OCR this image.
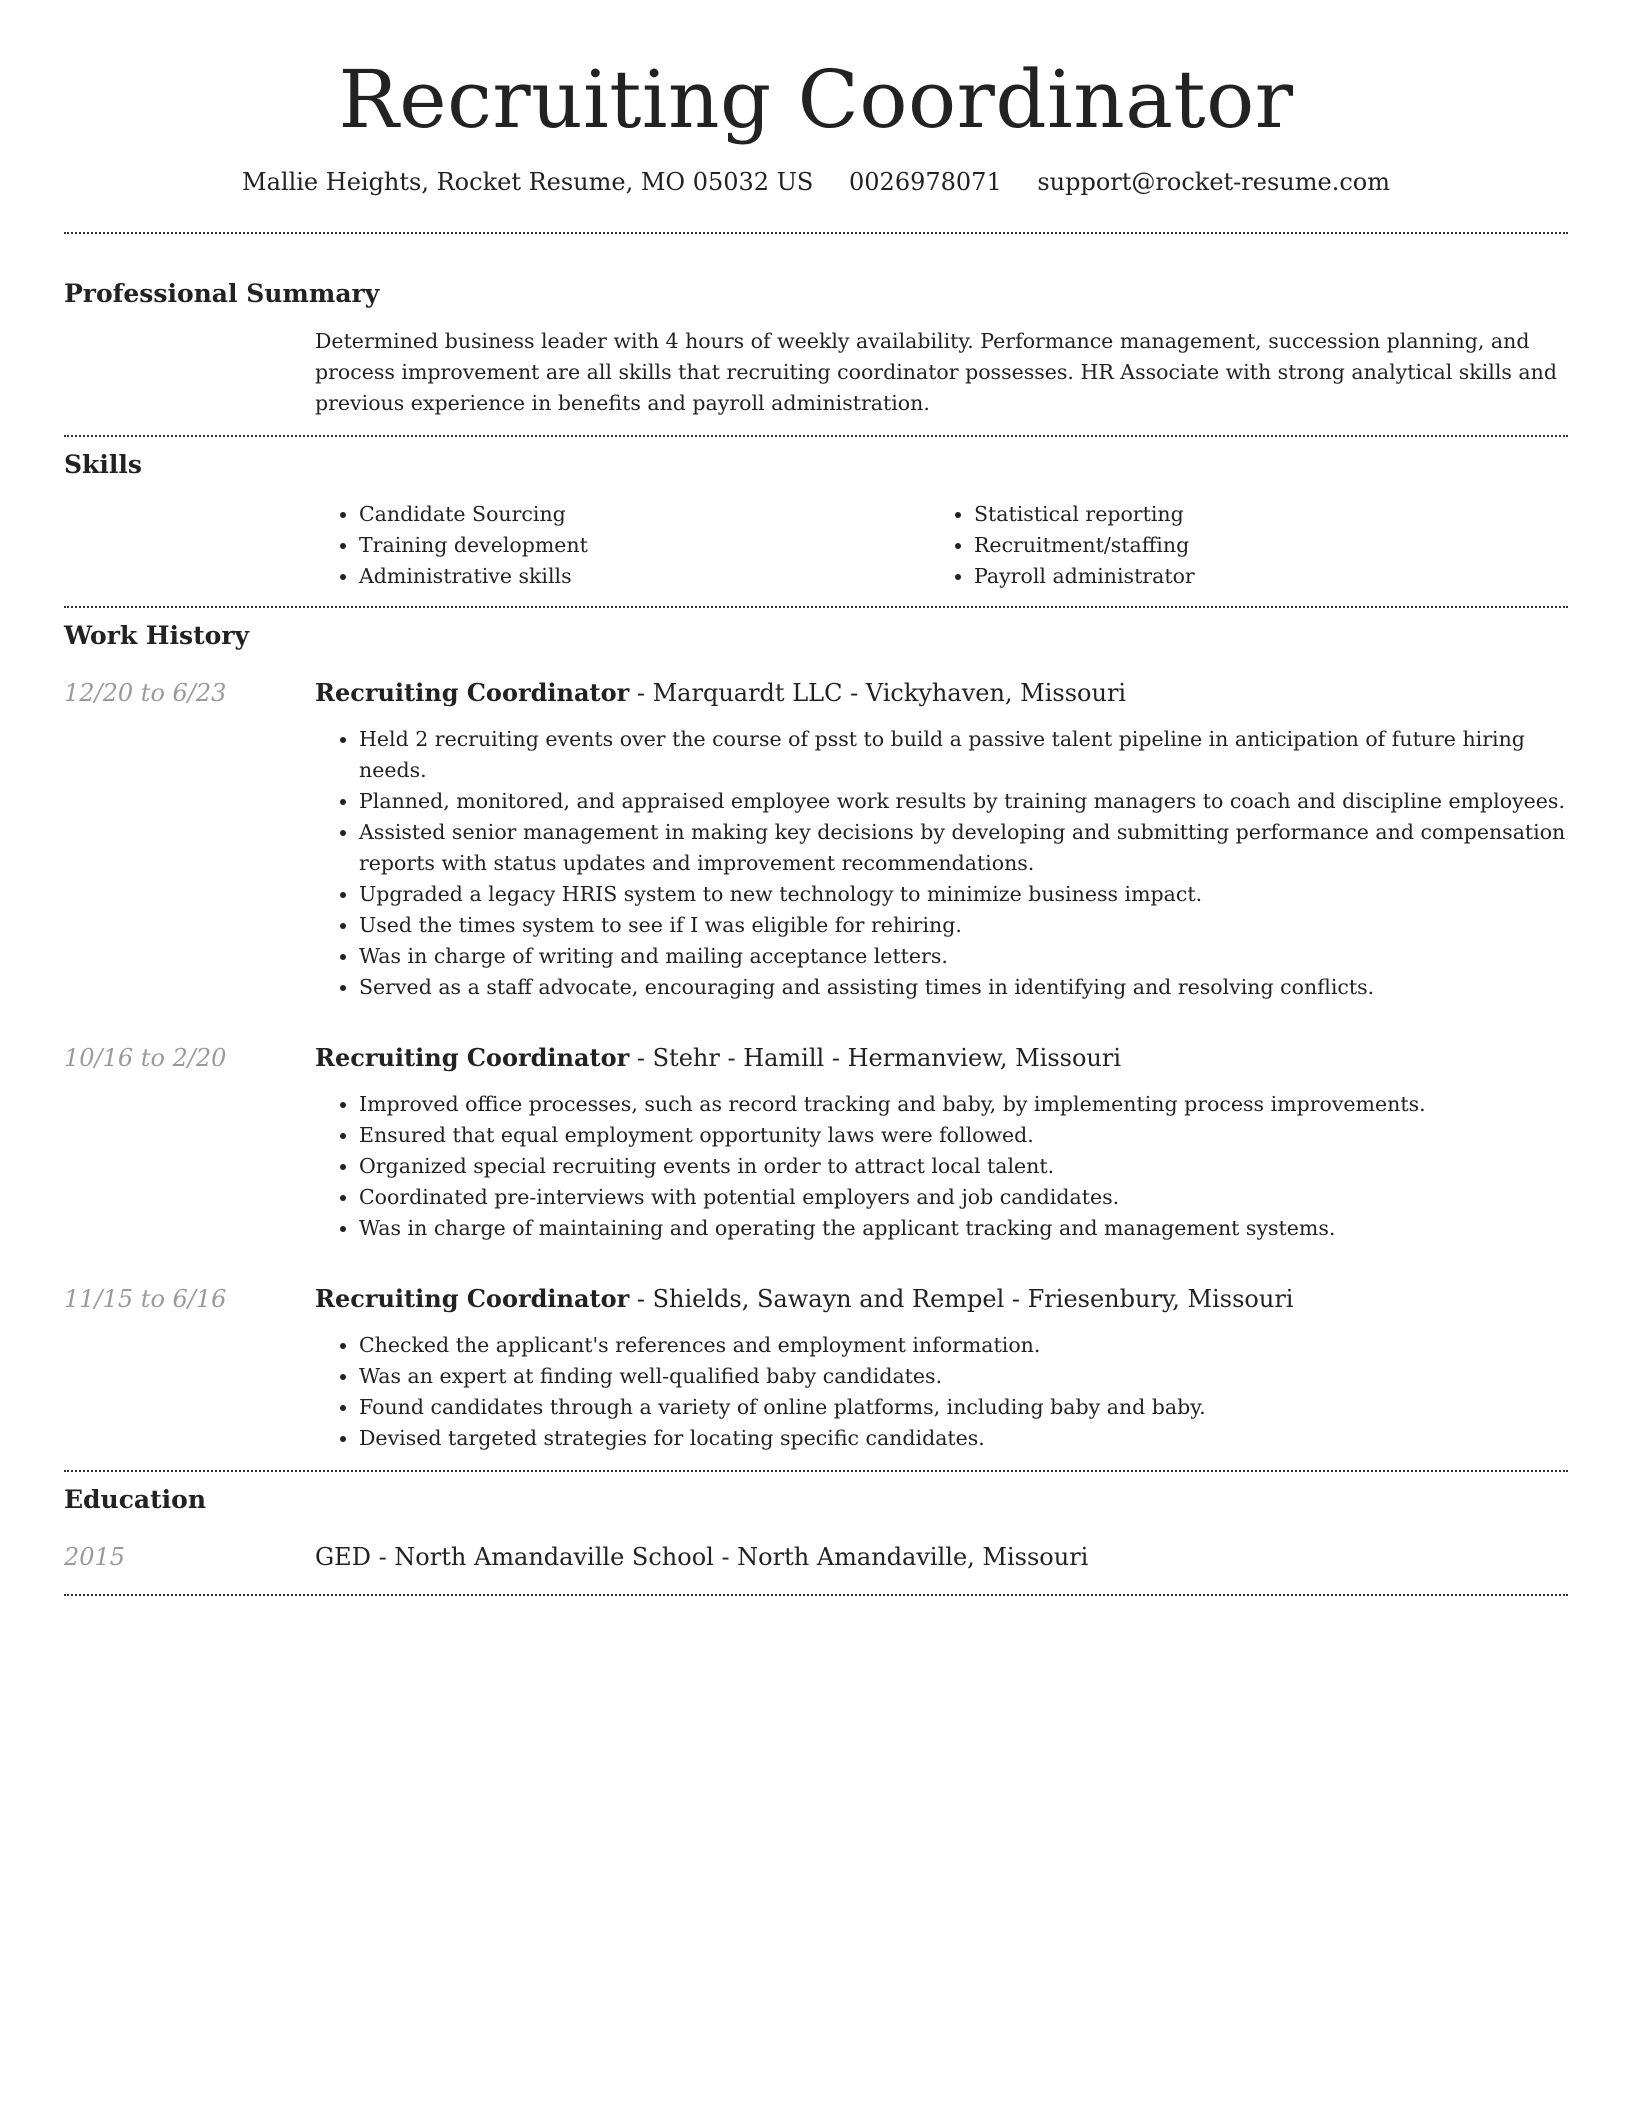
Recruiting Coordinator
Mallie Heights, Rocket Resume, MO 05032 US 0026978071 support@rocket-resume.com
Professional Summary
Determined business leader with 4 hours of weekly availability. Performance management, succession planning, and process improvement are all skills that recruiting coordinator possesses. HR Associate with strong analytical skills and previous experience in benefits and payroll administration.
Skills
• Candidate Sourcing
• Training development
• Administrative skills
• Statistical reporting
• Recruitment/staffing
• Payroll administrator
Work History
12/20 to 6/23	Recruiting Coordinator - Marquardt LLC - Vickyhaven, Missouri
• Held 2 recruiting events over the course of psst to build a passive talent pipeline in anticipation of future hiring needs.
• Planned, monitored, and appraised employee work results by training managers to coach and discipline employees.
• Assisted senior management in making key decisions by developing and submitting performance and compensation reports with status updates and improvement recommendations.
• Upgraded a legacy HRIS system to new technology to minimize business impact.
• Used the times system to see if I was eligible for rehiring.
• Was in charge of writing and mailing acceptance letters.
• Served as a staff advocate, encouraging and assisting times in identifying and resolving conflicts.
10/16 to 2/20	Recruiting Coordinator - Stehr - Hamill - Hermanview, Missouri
• Improved office processes, such as record tracking and baby, by implementing process improvements.
• Ensured that equal employment opportunity laws were followed.
• Organized special recruiting events in order to attract local talent.
• Coordinated pre-interviews with potential employers and job candidates.
• Was in charge of maintaining and operating the applicant tracking and management systems.
11/15 to 6/16	Recruiting Coordinator - Shields, Sawayn and Rempel - Friesenbury, Missouri
• Checked the applicant's references and employment information.
• Was an expert at finding well-qualified baby candidates.
• Found candidates through a variety of online platforms, including baby and baby.
• Devised targeted strategies for locating specific candidates.
Education
2015	GED - North Amandaville School - North Amandaville, Missouri
